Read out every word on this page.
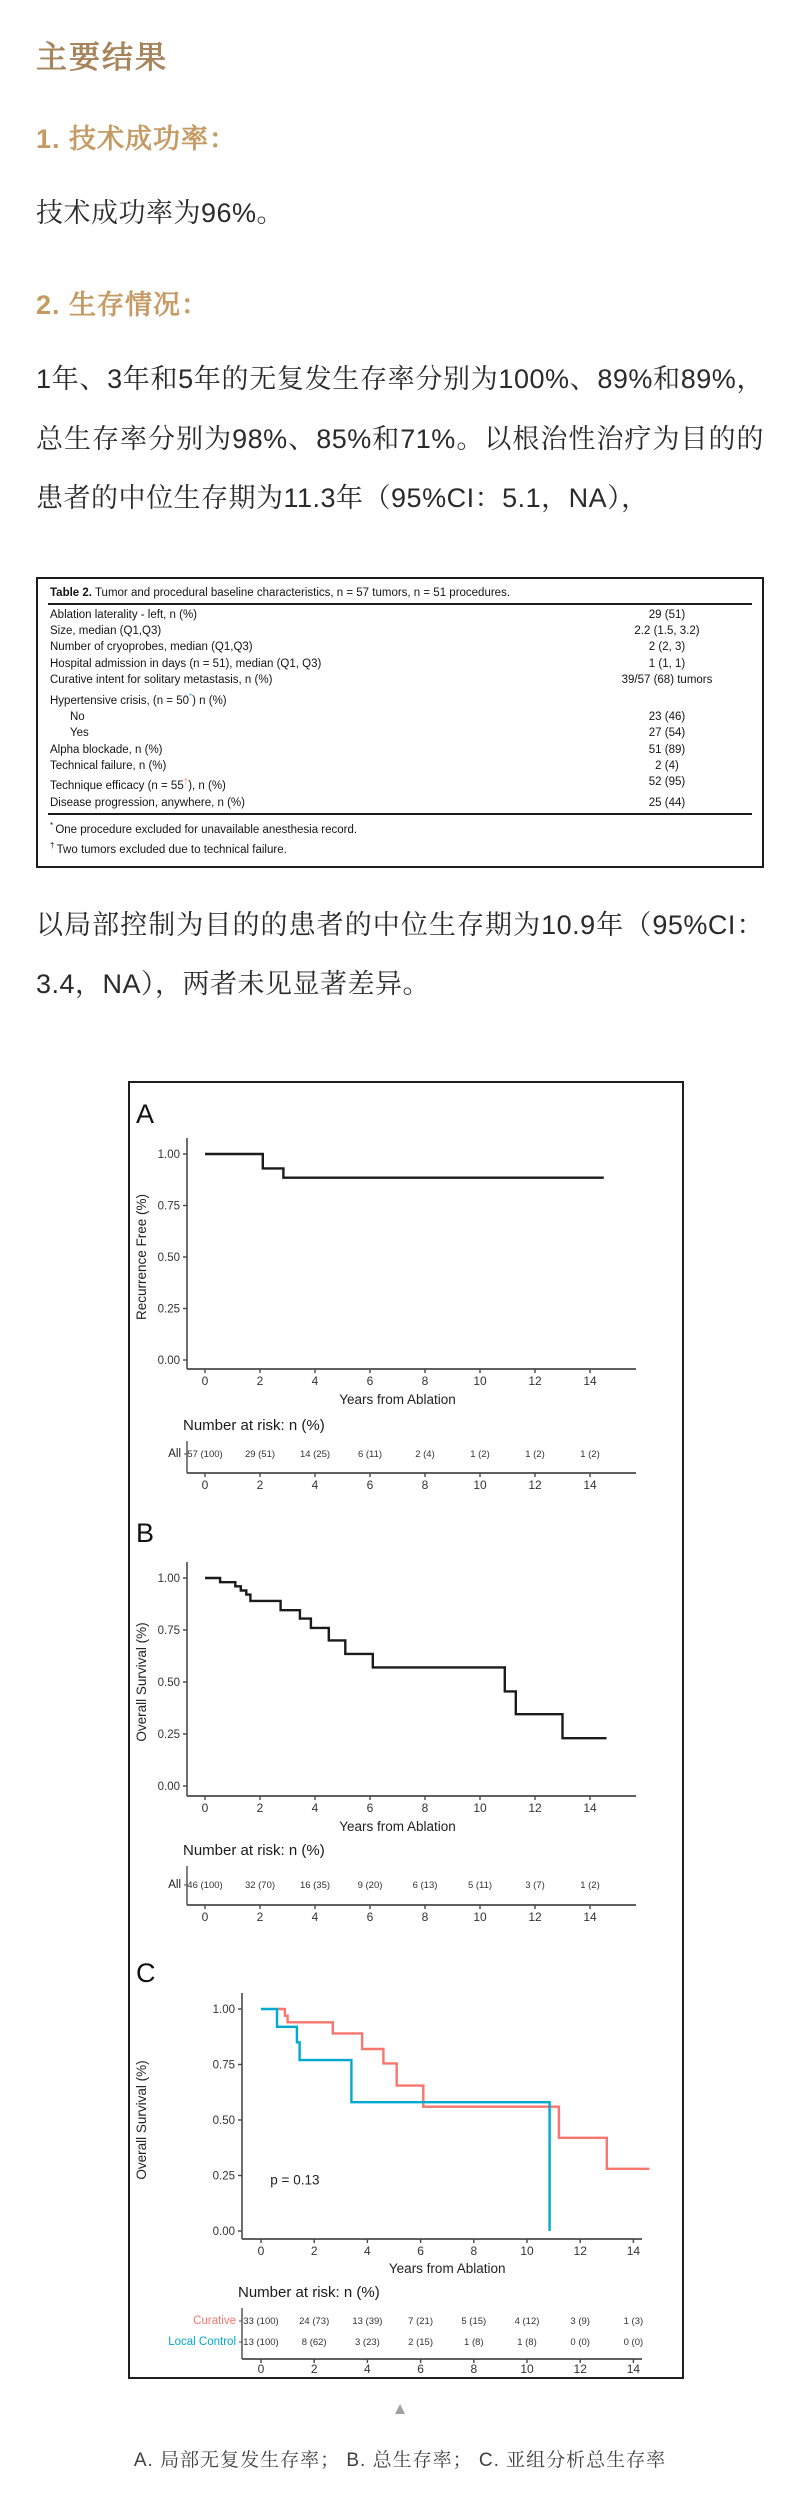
主要结果
1. 技术成功率：

技术成功率为96%。

2. 生存情况：

1年、3年和5年的无复发生存率分别为100%、89%和89%，总生存率分别为98%、85%和71%。以根治性治疗为目的的患者的中位生存期为11.3年（95%CI：5.1，NA），

Table 2. Tumor and procedural baseline characteristics, n = 57 tumors, n = 51 procedures.
Ablation laterality - left, n (%)	29 (51)
Size, median (Q1,Q3)	2.2 (1.5, 3.2)
Number of cryoprobes, median (Q1,Q3)	2 (2, 3)
Hospital admission in days (n = 51), median (Q1, Q3)	1 (1, 1)
Curative intent for solitary metastasis, n (%)	39/57 (68) tumors
Hypertensive crisis, (n = 50*) n (%)
No	23 (46)
Yes	27 (54)
Alpha blockade, n (%)	51 (89)
Technical failure, n (%)	2 (4)
Technique efficacy (n = 55†), n (%)	52 (95)
Disease progression, anywhere, n (%)	25 (44)
* One procedure excluded for unavailable anesthesia record.
† Two tumors excluded due to technical failure.

以局部控制为目的的患者的中位生存期为10.9年（95%CI：3.4，NA），两者未见显著差异。

A
1.00
0.75
0.50
0.25
0.00
Recurrence Free (%)
0	2	4	6	8	10	12	14
Years from Ablation
Number at risk: n (%)
All 57 (100) 29 (51)	14 (25)	6 (11)	2 (4)	1 (2)	1 (2)	1 (2)
0	2	4	6	8	10	12	14
B
1.00
0.75
0.50
0.25
0.00
Overall Survival (%)
0	2	4	6	8	10	12	14
Years from Ablation
Number at risk: n (%)
All 46 (100) 32 (70)	16 (35)	9 (20)	6 (13)	5 (11)	3 (7)	1 (2)
0	2	4	6	8	10	12	14
C
1.00
0.75
0.50
0.25
0.00
Overall Survival (%)
0	2	4	6	8	10	12	14
Years from Ablation
p = 0.13
Number at risk: n (%)
Curative 33 (100) 24 (73) 13 (39)	7 (21)	5 (15)	4 (12)	3 (9)	1 (3)
Local Control 13 (100) 8 (62)	3 (23)	2 (15)	1 (8)	1 (8)	0 (0)	0 (0)
0	2	4	6	8	10	12	14
▲

A. 局部无复发生存率； B. 总生存率； C. 亚组分析总生存率
